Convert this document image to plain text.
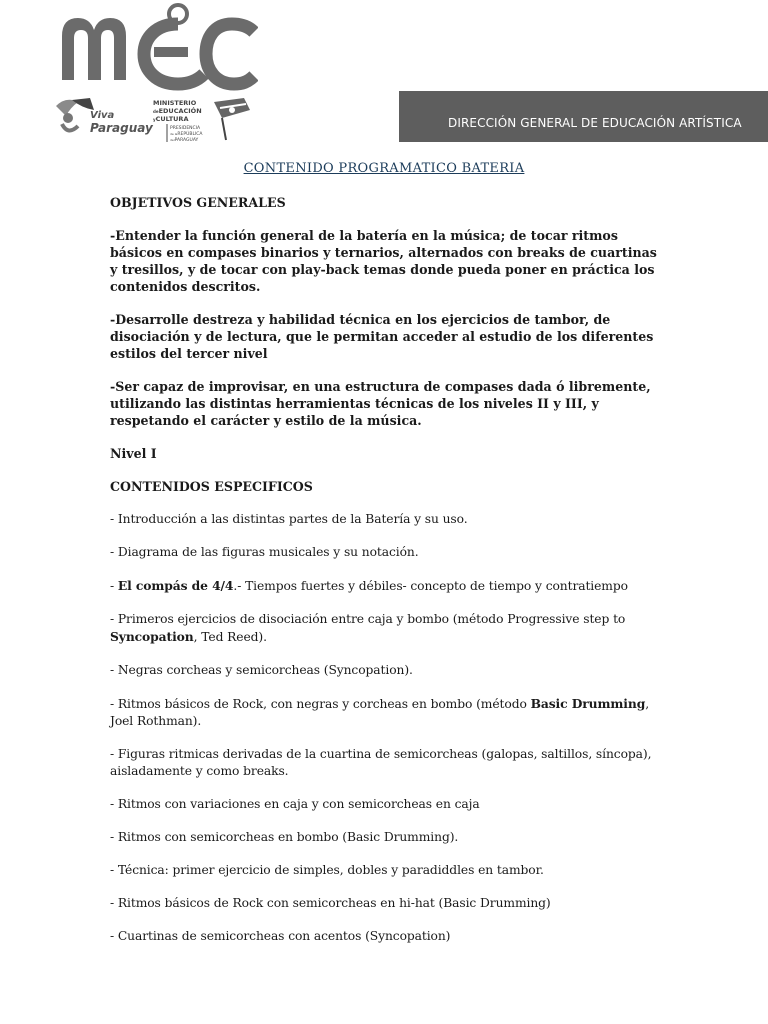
mec
Viva
Paraguay
MINISTERIO
deEDUCACIÓN
yCULTURA
PRESIDENCIA
de laREPÚBLICA
delPARAGUAY
DIRECCIÓN GENERAL DE EDUCACIÓN ARTÍSTICA
CONTENIDO PROGRAMATICO BATERIA

OBJETIVOS GENERALES

-Entender la función general de la batería en la música; de tocar ritmos básicos en compases binarios y ternarios, alternados con breaks de cuartinas y tresillos, y de tocar con play-back temas donde pueda poner en práctica los contenidos descritos.

-Desarrolle destreza y habilidad técnica en los ejercicios de tambor, de disociación y de lectura, que le permitan acceder al estudio de los diferentes estilos del tercer nivel

-Ser capaz de improvisar, en una estructura de compases dada ó libremente, utilizando las distintas herramientas técnicas de los niveles II y III, y respetando el carácter y estilo de la música.

Nivel I

CONTENIDOS ESPECIFICOS

- Introducción a las distintas partes de la Batería y su uso.

- Diagrama de las figuras musicales y su notación.

- El compás de 4/4.- Tiempos fuertes y débiles- concepto de tiempo y contratiempo

- Primeros ejercicios de disociación entre caja y bombo (método Progressive step to Syncopation, Ted Reed).

- Negras corcheas y semicorcheas (Syncopation).

- Ritmos básicos de Rock, con negras y corcheas en bombo (método Basic Drumming, Joel Rothman).

- Figuras ritmicas derivadas de la cuartina de semicorcheas (galopas, saltillos, síncopa), aisladamente y como breaks.

- Ritmos con variaciones en caja y con semicorcheas en caja

- Ritmos con semicorcheas en bombo (Basic Drumming).

- Técnica: primer ejercicio de simples, dobles y paradiddles en tambor.

- Ritmos básicos de Rock con semicorcheas en hi-hat (Basic Drumming)

- Cuartinas de semicorcheas con acentos (Syncopation)
